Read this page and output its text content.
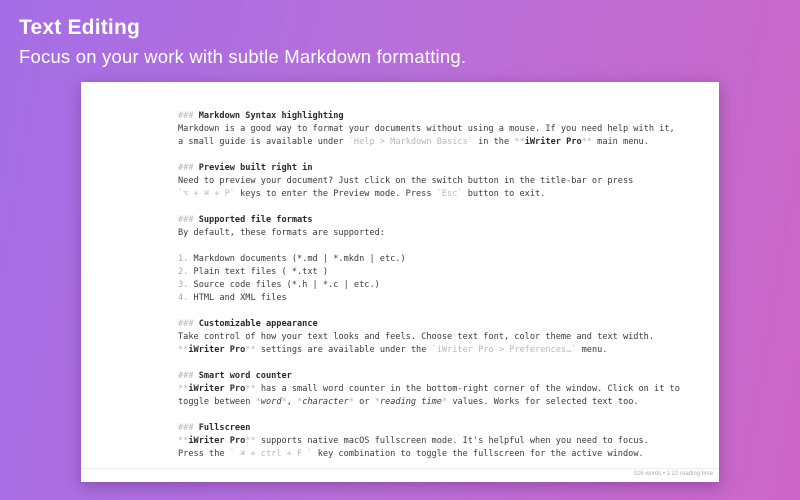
Text Editing
Focus on your work with subtle Markdown formatting.
### Markdown Syntax highlighting
Markdown is a good way to format your documents without using a mouse. If you need help with it,
a small guide is available under `Help > Markdown Basics` in the **iWriter Pro** main menu.
### Preview built right in
Need to preview your document? Just click on the switch button in the title-bar or press
`⌥ + ⌘ + P` keys to enter the Preview mode. Press `Esc` button to exit.
### Supported file formats
By default, these formats are supported:
1. Markdown documents (*.md | *.mkdn | etc.)
2. Plain text files ( *.txt )
3. Source code files (*.h | *.c | etc.)
4. HTML and XML files
### Customizable appearance
Take control of how your text looks and feels. Choose text font, color theme and text width.
**iWriter Pro** settings are available under the `iWriter Pro > Preferences…` menu.
### Smart word counter
**iWriter Pro** has a small word counter in the bottom-right corner of the window. Click on it to
toggle between *word*, *character* or *reading time* values. Works for selected text too.
### Fullscreen
**iWriter Pro** supports native macOS fullscreen mode. It's helpful when you need to focus.
Press the ` ⌘ + ctrl + F ` key combination to toggle the fullscreen for the active window.
326 words • 1:22 reading time
